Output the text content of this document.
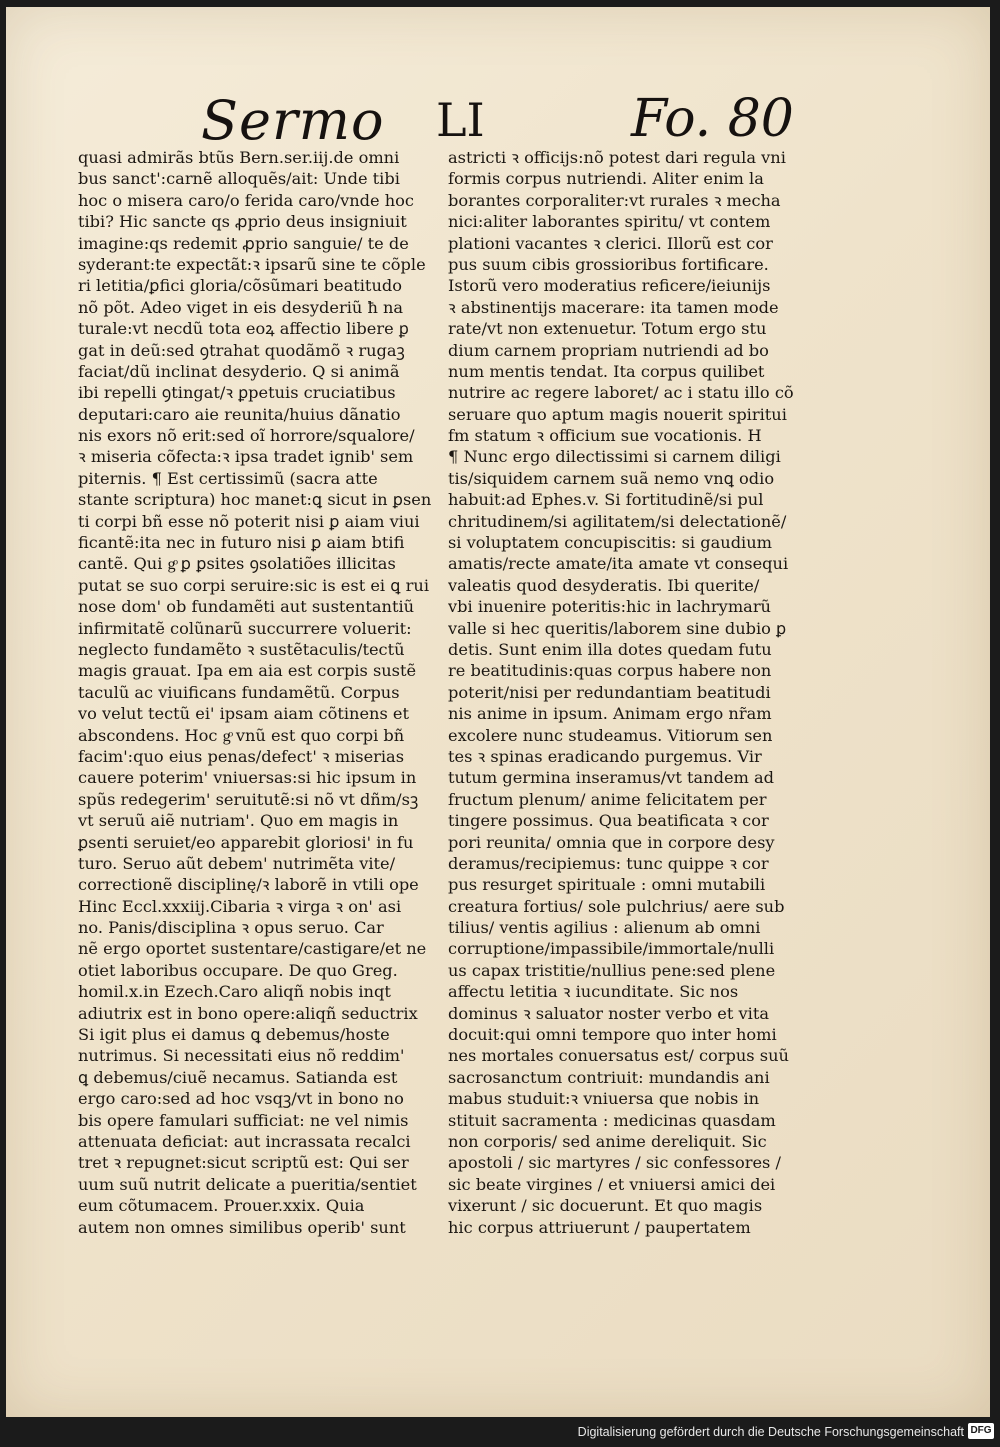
Sermo LI	Fo. 80
quasi admirãs btũs Bern.ser.iij.de omni
bus sanct':carnẽ alloquẽs/ait: Unde tibi
hoc o misera caro/o ferida caro/vnde hoc
tibi? Hic sancte qs ꝓprio deus insigniuit
imagine:qs redemit ꝓprio sanguie/ te de
syderant:te expectãt:ꝛ ipsarũ sine te cõple
ri letitia/ꝑfici gloria/cõsũmari beatitudo
nõ põt. Adeo viget in eis desyderiũ ħ na
turale:vt necdũ tota eoꝝ affectio libere ꝑ
gat in deũ:sed ꝯtrahat quodãmõ ꝛ rugaꝫ
faciat/dũ inclinat desyderio. Q si animã
ibi repelli ꝯtingat/ꝛ ꝑpetuis cruciatibus
deputari:caro aie reunita/huius dãnatio
nis exors nõ erit:sed oĩ horrore/squalore/
ꝛ miseria cõfecta:ꝛ ipsa tradet ignib' sem
piternis. ¶ Est certissimũ (sacra atte
stante scriptura) hoc manet:ꝗ sicut in ꝑsen
ti corpi bñ esse nõ poterit nisi ꝑ aiam viui
ficantẽ:ita nec in futuro nisi ꝑ aiam btifi
cantẽ. Qui gͦ ꝑ ꝑsites ꝯsolatiões illicitas
putat se suo corpi seruire:sic is est ei ꝗ rui
nose dom' ob fundamẽti aut sustentantiũ
infirmitatẽ colũnarũ succurrere voluerit:
neglecto fundamẽto ꝛ sustẽtaculis/tectũ
magis grauat. Ipa em aia est corpis sustẽ
taculũ ac viuificans fundamẽtũ. Corpus
vo velut tectũ ei' ipsam aiam cõtinens et
abscondens. Hoc gͦ vnũ est quo corpi bñ
facim':quo eius penas/defect' ꝛ miserias
cauere poterim' vniuersas:si hic ipsum in
spũs redegerim' seruitutẽ:si nõ vt dñm/sꝫ
vt seruũ aiẽ nutriam'. Quo em magis in
ꝑsenti seruiet/eo apparebit gloriosi' in fu
turo. Seruo aũt debem' nutrimẽta vite/
correctionẽ disciplinę/ꝛ laborẽ in vtili ope
Hinc Eccl.xxxiij.Cibaria ꝛ virga ꝛ on' asi
no. Panis/disciplina ꝛ opus seruo. Car
nẽ ergo oportet sustentare/castigare/et ne
otiet laboribus occupare. De quo Greg.
homil.x.in Ezech.Caro aliqñ nobis inqt
adiutrix est in bono opere:aliqñ seductrix
Si igit plus ei damus ꝗ debemus/hoste
nutrimus. Si necessitati eius nõ reddim'
ꝗ debemus/ciuẽ necamus. Satianda est
ergo caro:sed ad hoc vsqꝫ/vt in bono no
bis opere famulari sufficiat: ne vel nimis
attenuata deficiat: aut incrassata recalci
tret ꝛ repugnet:sicut scriptũ est: Qui ser
uum suũ nutrit delicate a pueritia/sentiet
eum cõtumacem. Prouer.xxix. Quia
autem non omnes similibus operib' sunt
astricti ꝛ officijs:nõ potest dari regula vni
formis corpus nutriendi. Aliter enim la
borantes corporaliter:vt rurales ꝛ mecha
nici:aliter laborantes spiritu/ vt contem
plationi vacantes ꝛ clerici. Illorũ est cor
pus suum cibis grossioribus fortificare.
Istorũ vero moderatius reficere/ieiunijs
ꝛ abstinentijs macerare: ita tamen mode
rate/vt non extenuetur. Totum ergo stu
dium carnem propriam nutriendi ad bo
num mentis tendat. Ita corpus quilibet
nutrire ac regere laboret/ ac i statu illo cõ
seruare quo aptum magis nouerit spiritui
fm statum ꝛ officium sue vocationis. H
¶ Nunc ergo dilectissimi si carnem diligi
tis/siquidem carnem suã nemo vnꝗ odio
habuit:ad Ephes.v. Si fortitudinẽ/si pul
chritudinem/si agilitatem/si delectationẽ/
si voluptatem concupiscitis: si gaudium
amatis/recte amate/ita amate vt consequi
valeatis quod desyderatis. Ibi querite/
vbi inuenire poteritis:hic in lachrymarũ
valle si hec queritis/laborem sine dubio ꝑ
detis. Sunt enim illa dotes quedam futu
re beatitudinis:quas corpus habere non
poterit/nisi per redundantiam beatitudi
nis anime in ipsum. Animam ergo nr̃am
excolere nunc studeamus. Vitiorum sen
tes ꝛ spinas eradicando purgemus. Vir
tutum germina inseramus/vt tandem ad
fructum plenum/ anime felicitatem per
tingere possimus. Qua beatificata ꝛ cor
pori reunita/ omnia que in corpore desy
deramus/recipiemus: tunc quippe ꝛ cor
pus resurget spirituale : omni mutabili
creatura fortius/ sole pulchrius/ aere sub
tilius/ ventis agilius : alienum ab omni
corruptione/impassibile/immortale/nulli
us capax tristitie/nullius pene:sed plene
affectu letitia ꝛ iucunditate. Sic nos
dominus ꝛ saluator noster verbo et vita
docuit:qui omni tempore quo inter homi
nes mortales conuersatus est/ corpus suũ
sacrosanctum contriuit: mundandis ani
mabus studuit:ꝛ vniuersa que nobis in
stituit sacramenta : medicinas quasdam
non corporis/ sed anime dereliquit. Sic
apostoli / sic martyres / sic confessores /
sic beate virgines / et vniuersi amici dei
vixerunt / sic docuerunt. Et quo magis
hic corpus attriuerunt / paupertatem
Digitalisierung gefördert durch die Deutsche Forschungsgemeinschaft DFG
